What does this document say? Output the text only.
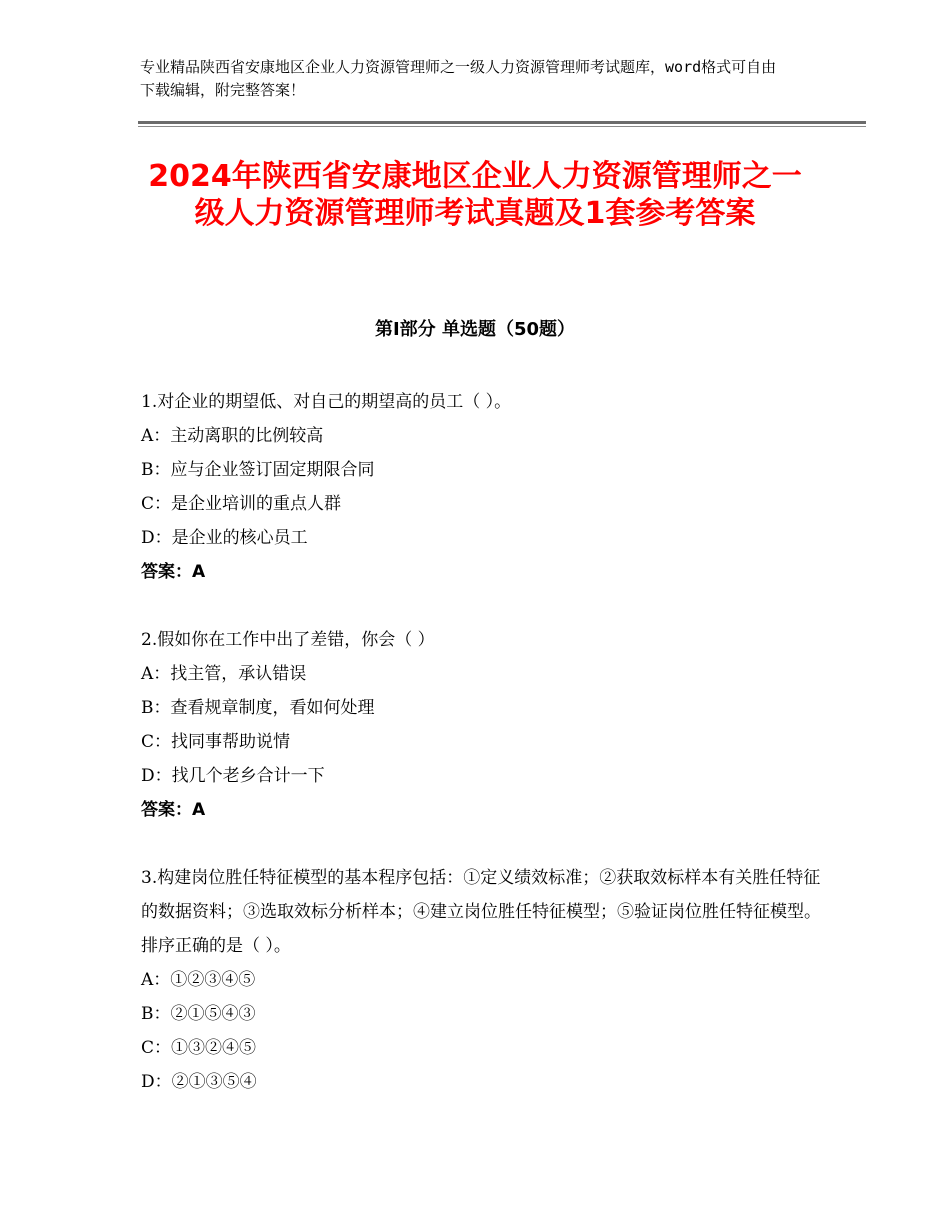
专业精品陕西省安康地区企业人力资源管理师之一级人力资源管理师考试题库，word格式可自由下载编辑，附完整答案！
2024年陕西省安康地区企业人力资源管理师之一级人力资源管理师考试真题及1套参考答案
第Ⅰ部分 单选题（50题）

1.对企业的期望低、对自己的期望高的员工（ ）。

A：主动离职的比例较高

B：应与企业签订固定期限合同

C：是企业培训的重点人群

D：是企业的核心员工

答案：A

2.假如你在工作中出了差错，你会（ ）

A：找主管，承认错误

B：查看规章制度，看如何处理

C：找同事帮助说情

D：找几个老乡合计一下

答案：A

3.构建岗位胜任特征模型的基本程序包括：①定义绩效标准；②获取效标样本有关胜任特征的数据资料；③选取效标分析样本；④建立岗位胜任特征模型；⑤验证岗位胜任特征模型。排序正确的是（ ）。

A：①②③④⑤

B：②①⑤④③

C：①③②④⑤

D：②①③⑤④
